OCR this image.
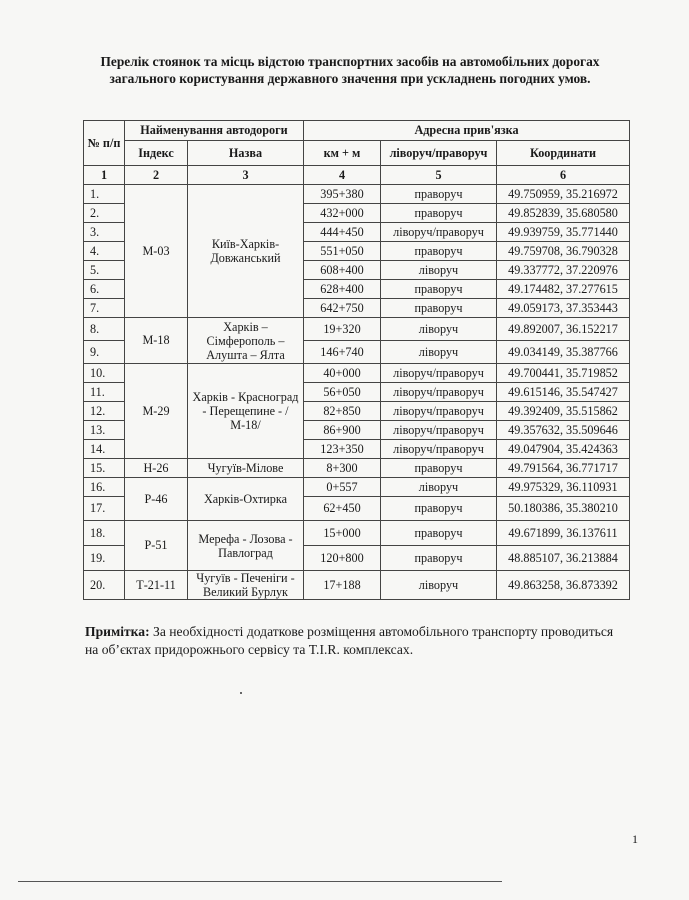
Перелік стоянок та місць відстою транспортних засобів на автомобільних дорогах загального користування державного значення при ускладнень погодних умов.
№ п/п	Найменування автодороги		Адресна прив'язка		
	Індекс	Назва	км + м	ліворуч/праворуч	Координати
1	2	3	4	5	6
1.	М-03	Київ-Харків-Довжанський	395+380	праворуч	49.750959, 35.216972
2.			432+000	праворуч	49.852839, 35.680580
3.			444+450	ліворуч/праворуч	49.939759, 35.771440
4.			551+050	праворуч	49.759708, 36.790328
5.			608+400	ліворуч	49.337772, 37.220976
6.			628+400	праворуч	49.174482, 37.277615
7.			642+750	праворуч	49.059173, 37.353443
8.	М-18	Харків – Сімферополь – Алушта – Ялта	19+320	ліворуч	49.892007, 36.152217
9.			146+740	ліворуч	49.034149, 35.387766
10.	М-29	Харків - Красноград - Перещепине - /М-18/	40+000	ліворуч/праворуч	49.700441, 35.719852
11.			56+050	ліворуч/праворуч	49.615146, 35.547427
12.			82+850	ліворуч/праворуч	49.392409, 35.515862
13.			86+900	ліворуч/праворуч	49.357632, 35.509646
14.			123+350	ліворуч/праворуч	49.047904, 35.424363
15.	Н-26	Чугуїв-Мілове	8+300	праворуч	49.791564, 36.771717
16.	Р-46	Харків-Охтирка	0+557	ліворуч	49.975329, 36.110931
17.			62+450	праворуч	50.180386, 35.380210
18.	Р-51	Мерефа - Лозова - Павлоград	15+000	праворуч	49.671899, 36.137611
19.			120+800	праворуч	48.885107, 36.213884
20.	Т-21-11	Чугуїв - Печеніги - Великий Бурлук	17+188	ліворуч	49.863258, 36.873392
Примітка: За необхідності додаткове розміщення автомобільного транспорту проводиться на об’єктах придорожнього сервісу та T.I.R. комплексах.
1
